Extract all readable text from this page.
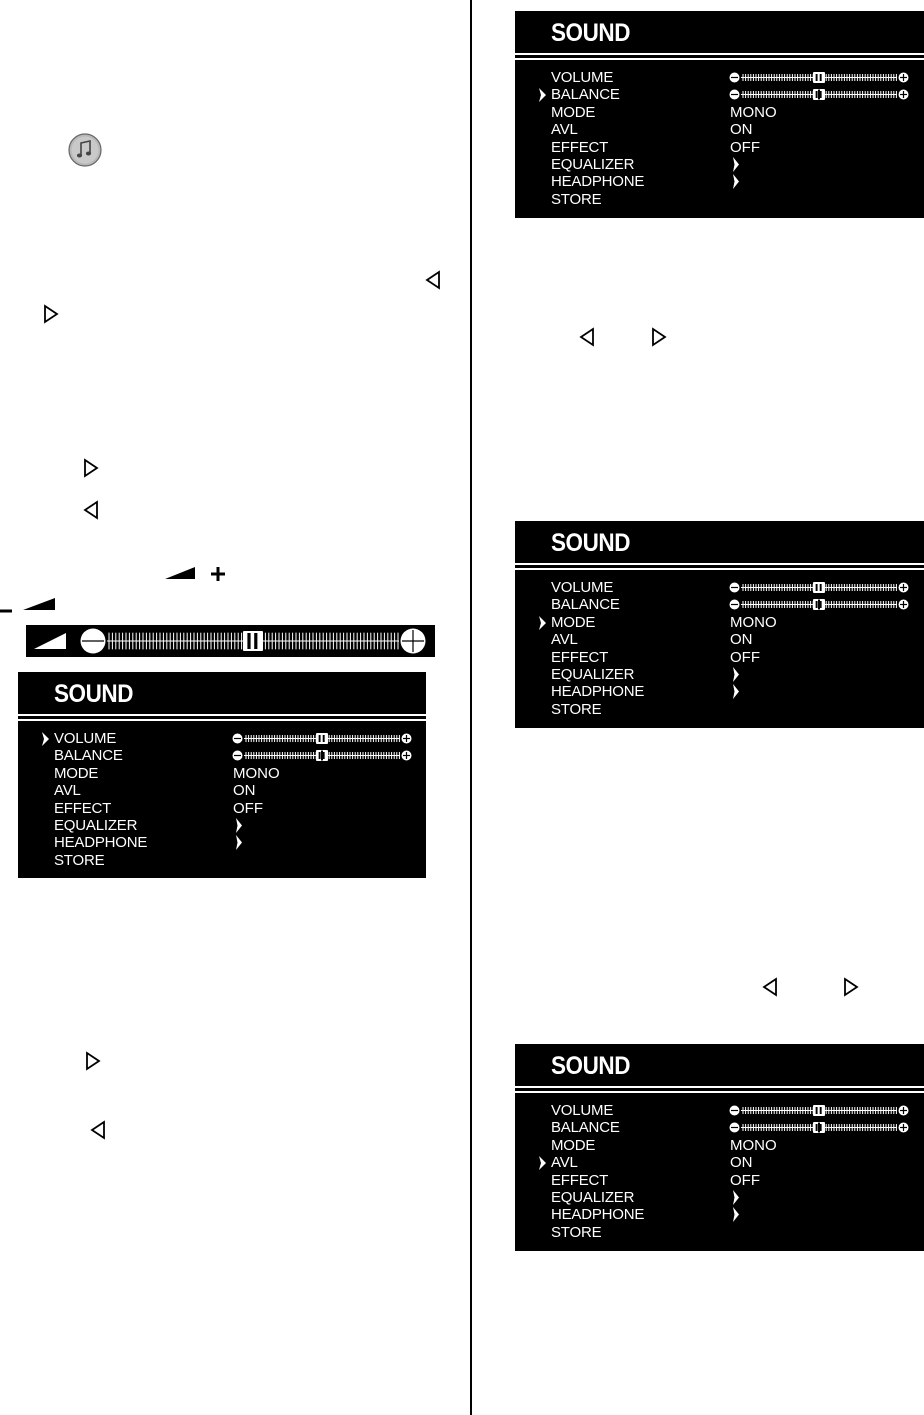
SOUND
VOLUME
BALANCE
MODE	MONO
AVL	ON
EFFECT	OFF
EQUALIZER
HEADPHONE
STORE
SOUND
VOLUME
BALANCE
MODE	MONO
AVL	ON
EFFECT	OFF
EQUALIZER
HEADPHONE
STORE
SOUND
VOLUME
BALANCE
MODE	MONO
AVL	ON
EFFECT	OFF
EQUALIZER
HEADPHONE
STORE
SOUND
VOLUME
BALANCE
MODE	MONO
AVL	ON
EFFECT	OFF
EQUALIZER
HEADPHONE
STORE
